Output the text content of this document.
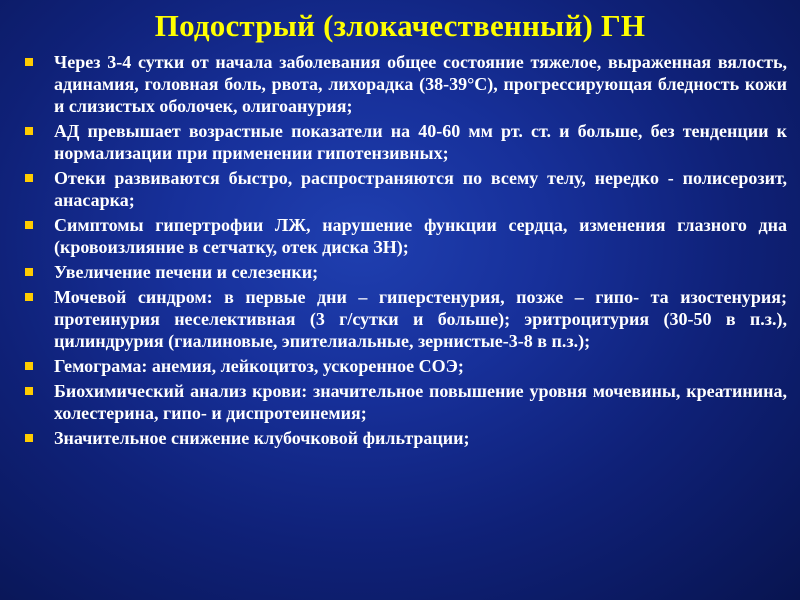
Подострый (злокачественный) ГН
Через 3-4 сутки от начала заболевания общее состояние тяжелое, выраженная вялость, адинамия, головная боль, рвота, лихорадка (38-39°С), прогрессирующая бледность кожи и слизистых оболочек, олигоанурия;
АД превышает возрастные показатели на 40-60 мм рт. ст. и больше, без тенденции к нормализации при применении гипотензивных;
Отеки развиваются быстро, распространяются по всему телу, нередко - полисерозит, анасарка;
Симптомы гипертрофии ЛЖ, нарушение функции сердца, изменения глазного дна (кровоизлияние в сетчатку, отек диска ЗН);
Увеличение печени и селезенки;
Мочевой синдром: в первые дни – гиперстенурия, позже – гипо- та изостенурия; протеинурия неселективная (3 г/сутки и больше); эритроцитурия (30-50 в п.з.), цилиндрурия (гиалиновые, эпителиальные, зернистые-3-8 в п.з.);
Гемограма: анемия, лейкоцитоз, ускоренное СОЭ;
Биохимический анализ крови: значительное повышение уровня мочевины, креатинина, холестерина, гипо- и диспротеинемия;
Значительное снижение клубочковой фильтрации;
